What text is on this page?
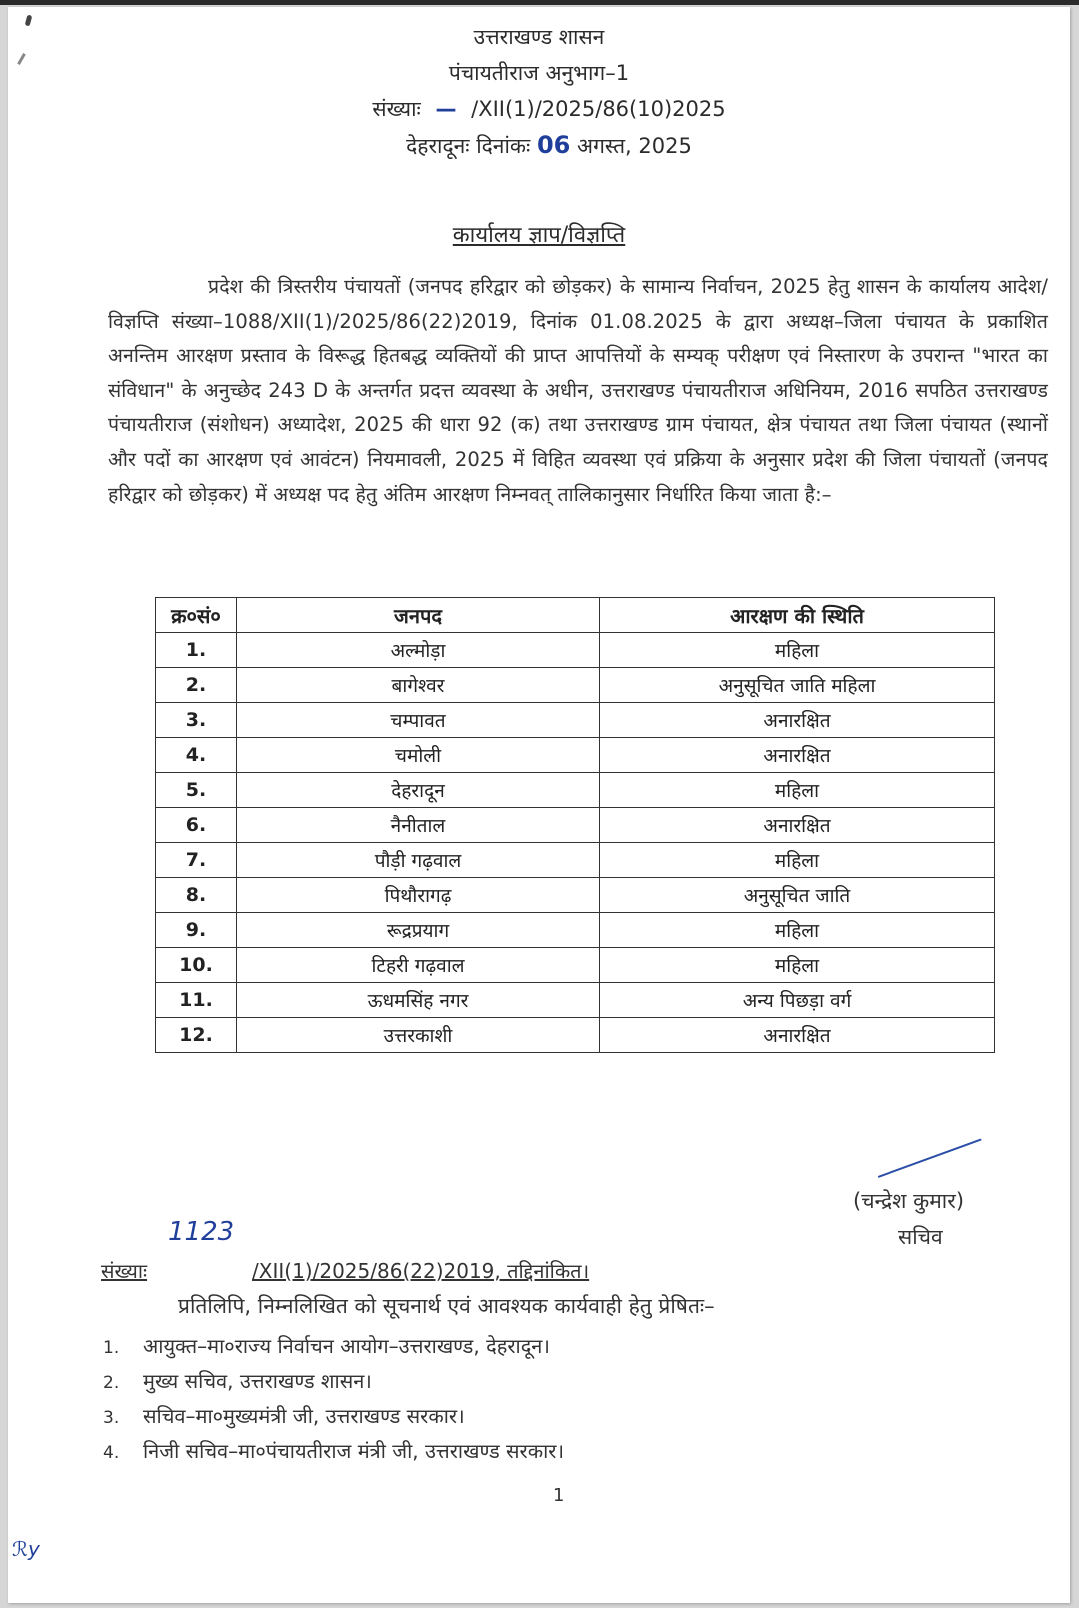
उत्तराखण्ड शासन
पंचायतीराज अनुभाग–1
संख्याः — /XII(1)/2025/86(10)2025
देहरादूनः दिनांकः 06 अगस्त, 2025
कार्यालय ज्ञाप/विज्ञप्ति
प्रदेश की त्रिस्तरीय पंचायतों (जनपद हरिद्वार को छोड़कर) के सामान्य निर्वाचन, 2025 हेतु शासन के कार्यालय आदेश/विज्ञप्ति संख्या–1088/XII(1)/2025/86(22)2019, दिनांक 01.08.2025 के द्वारा अध्यक्ष–जिला पंचायत के प्रकाशित अनन्तिम आरक्षण प्रस्ताव के विरूद्ध हितबद्ध व्यक्तियों की प्राप्त आपत्तियों के सम्यक् परीक्षण एवं निस्तारण के उपरान्त "भारत का संविधान" के अनुच्छेद 243 D के अन्तर्गत प्रदत्त व्यवस्था के अधीन, उत्तराखण्ड पंचायतीराज अधिनियम, 2016 सपठित उत्तराखण्ड पंचायतीराज (संशोधन) अध्यादेश, 2025 की धारा 92 (क) तथा उत्तराखण्ड ग्राम पंचायत, क्षेत्र पंचायत तथा जिला पंचायत (स्थानों और पदों का आरक्षण एवं आवंटन) नियमावली, 2025 में विहित व्यवस्था एवं प्रक्रिया के अनुसार प्रदेश की जिला पंचायतों (जनपद हरिद्वार को छोड़कर) में अध्यक्ष पद हेतु अंतिम आरक्षण निम्नवत् तालिकानुसार निर्धारित किया जाता है:–
क्र०सं०	जनपद	आरक्षण की स्थिति
1.	अल्मोड़ा	महिला
2.	बागेश्वर	अनुसूचित जाति महिला
3.	चम्पावत	अनारक्षित
4.	चमोली	अनारक्षित
5.	देहरादून	महिला
6.	नैनीताल	अनारक्षित
7.	पौड़ी गढ़वाल	महिला
8.	पिथौरागढ़	अनुसूचित जाति
9.	रूद्रप्रयाग	महिला
10.	टिहरी गढ़वाल	महिला
11.	ऊधमसिंह नगर	अन्य पिछड़ा वर्ग
12.	उत्तरकाशी	अनारक्षित
(चन्द्रेश कुमार)
सचिव
1123
संख्याः	/XII(1)/2025/86(22)2019, तद्दिनांकित।
प्रतिलिपि, निम्नलिखित को सूचनार्थ एवं आवश्यक कार्यवाही हेतु प्रेषितः–
1. आयुक्त–मा०राज्य निर्वाचन आयोग–उत्तराखण्ड, देहरादून।
2. मुख्य सचिव, उत्तराखण्ड शासन।
3. सचिव–मा०मुख्यमंत्री जी, उत्तराखण्ड सरकार।
4. निजी सचिव–मा०पंचायतीराज मंत्री जी, उत्तराखण्ड सरकार।
1
ℛy
